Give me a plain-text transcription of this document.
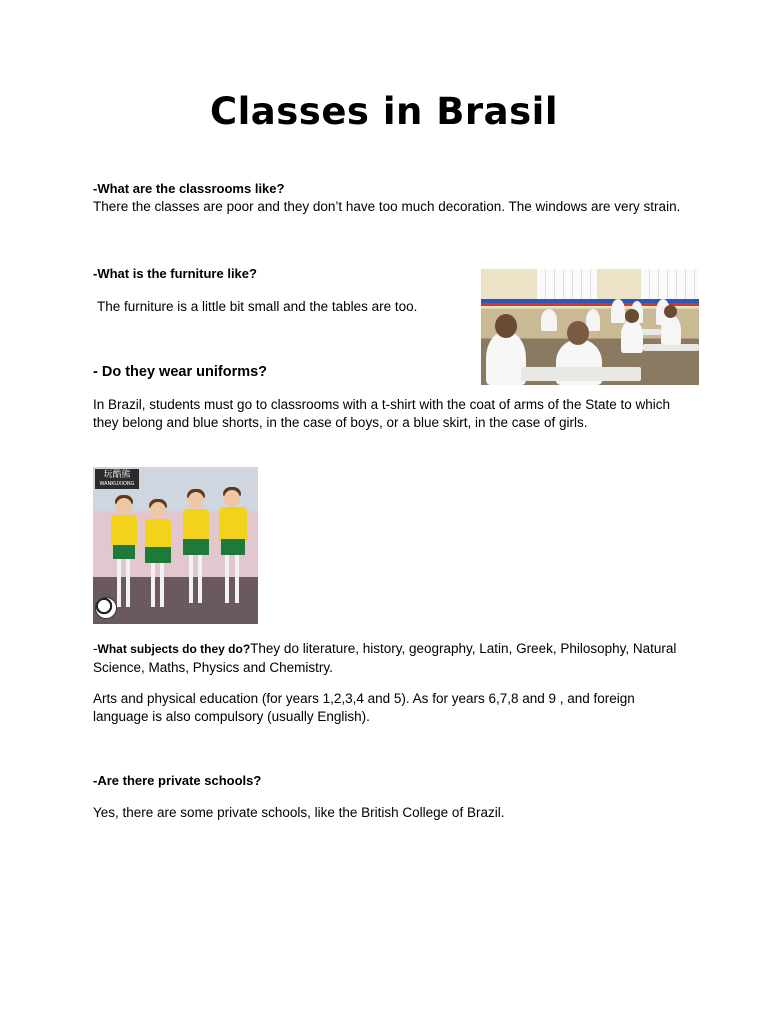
Classes in Brasil
-What are the classrooms like?
There the classes are poor and they don’t have too much decoration. The windows are very strain.
-What is the furniture like?
The furniture is a little bit small and the tables are too.
- Do they wear uniforms?
In Brazil, students must go to classrooms with a t-shirt with the coat of arms of the State to which they belong and blue shorts, in the case of boys, or a blue skirt, in the case of girls.
玩酷熊
WANKUXIONG
-What subjects do they do?They do literature, history, geography, Latin, Greek, Philosophy, Natural Science, Maths, Physics and Chemistry.
Arts and physical education (for years 1,2,3,4 and 5). As for years 6,7,8 and 9 , and foreign language is also compulsory (usually English).
-Are there private schools?
Yes, there are some private schools, like the British College of Brazil.
